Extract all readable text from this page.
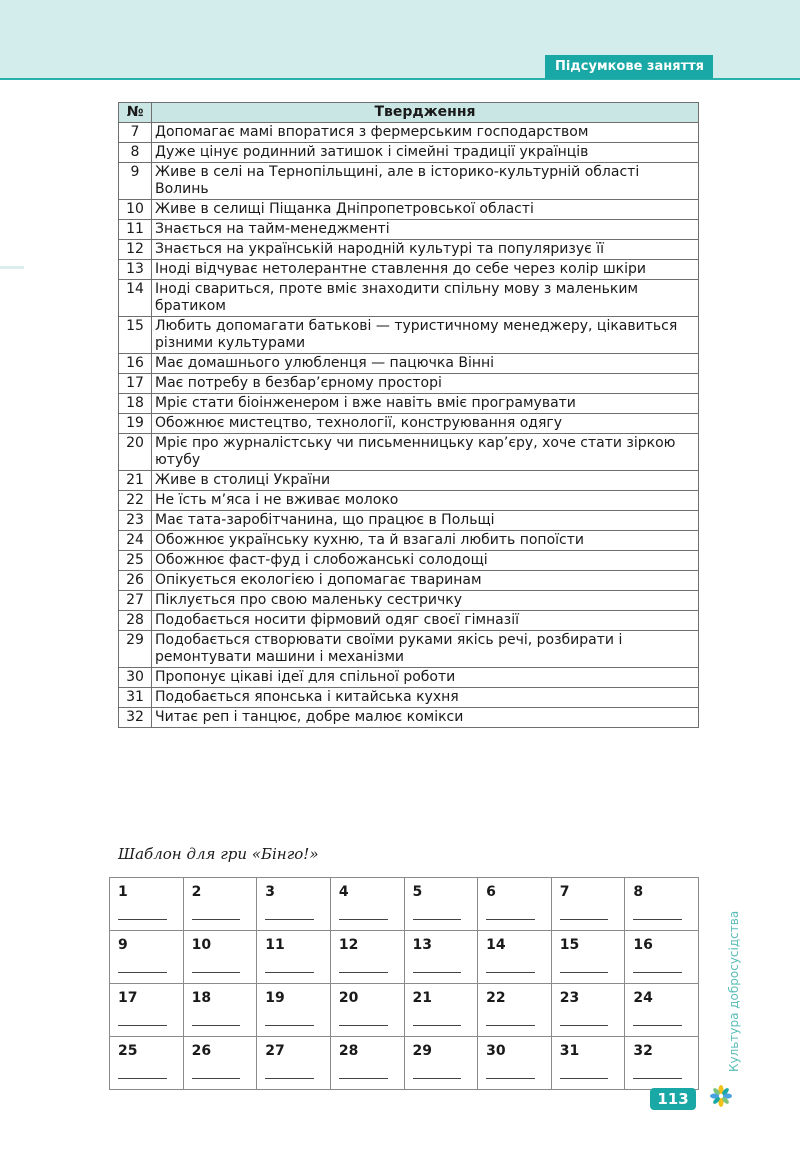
Підсумкове заняття
№	Твердження
7	Допомагає мамі впоратися з фермерським господарством
8	Дуже цінує родинний затишок і сімейні традиції українців
9	Живе в селі на Тернопільщині, але в історико-культурній області Волинь
10	Живе в селищі Піщанка Дніпропетровської області
11	Знається на тайм-менеджменті
12	Знається на українській народній культурі та популяризує її
13	Іноді відчуває нетолерантне ставлення до себе через колір шкіри
14	Іноді свариться, проте вміє знаходити спільну мову з маленьким братиком
15	Любить допомагати батькові — туристичному менеджеру, цікавиться різними культурами
16	Має домашнього улюбленця — пацючка Вінні
17	Має потребу в безбар’єрному просторі
18	Мріє стати біоінженером і вже навіть вміє програмувати
19	Обожнює мистецтво, технології, конструювання одягу
20	Мріє про журналістську чи письменницьку кар’єру, хоче стати зіркою ютубу
21	Живе в столиці України
22	Не їсть м’яса і не вживає молоко
23	Має тата-заробітчанина, що працює в Польщі
24	Обожнює українську кухню, та й взагалі любить попоїсти
25	Обожнює фаст-фуд і слобожанські солодощі
26	Опікується екологією і допомагає тваринам
27	Піклується про свою маленьку сестричку
28	Подобається носити фірмовий одяг своєї гімназії
29	Подобається створювати своїми руками якісь речі, розбирати і ремонтувати машини і механізми
30	Пропонує цікаві ідеї для спільної роботи
31	Подобається японська і китайська кухня
32	Читає реп і танцює, добре малює комікси
Шаблон для гри «Бінго!»
1	2	3	4	5	6	7	8

9	10	11	12	13	14	15	16

17	18	19	20	21	22	23	24

25	26	27	28	29	30	31	32	Культура добросусідства
113
